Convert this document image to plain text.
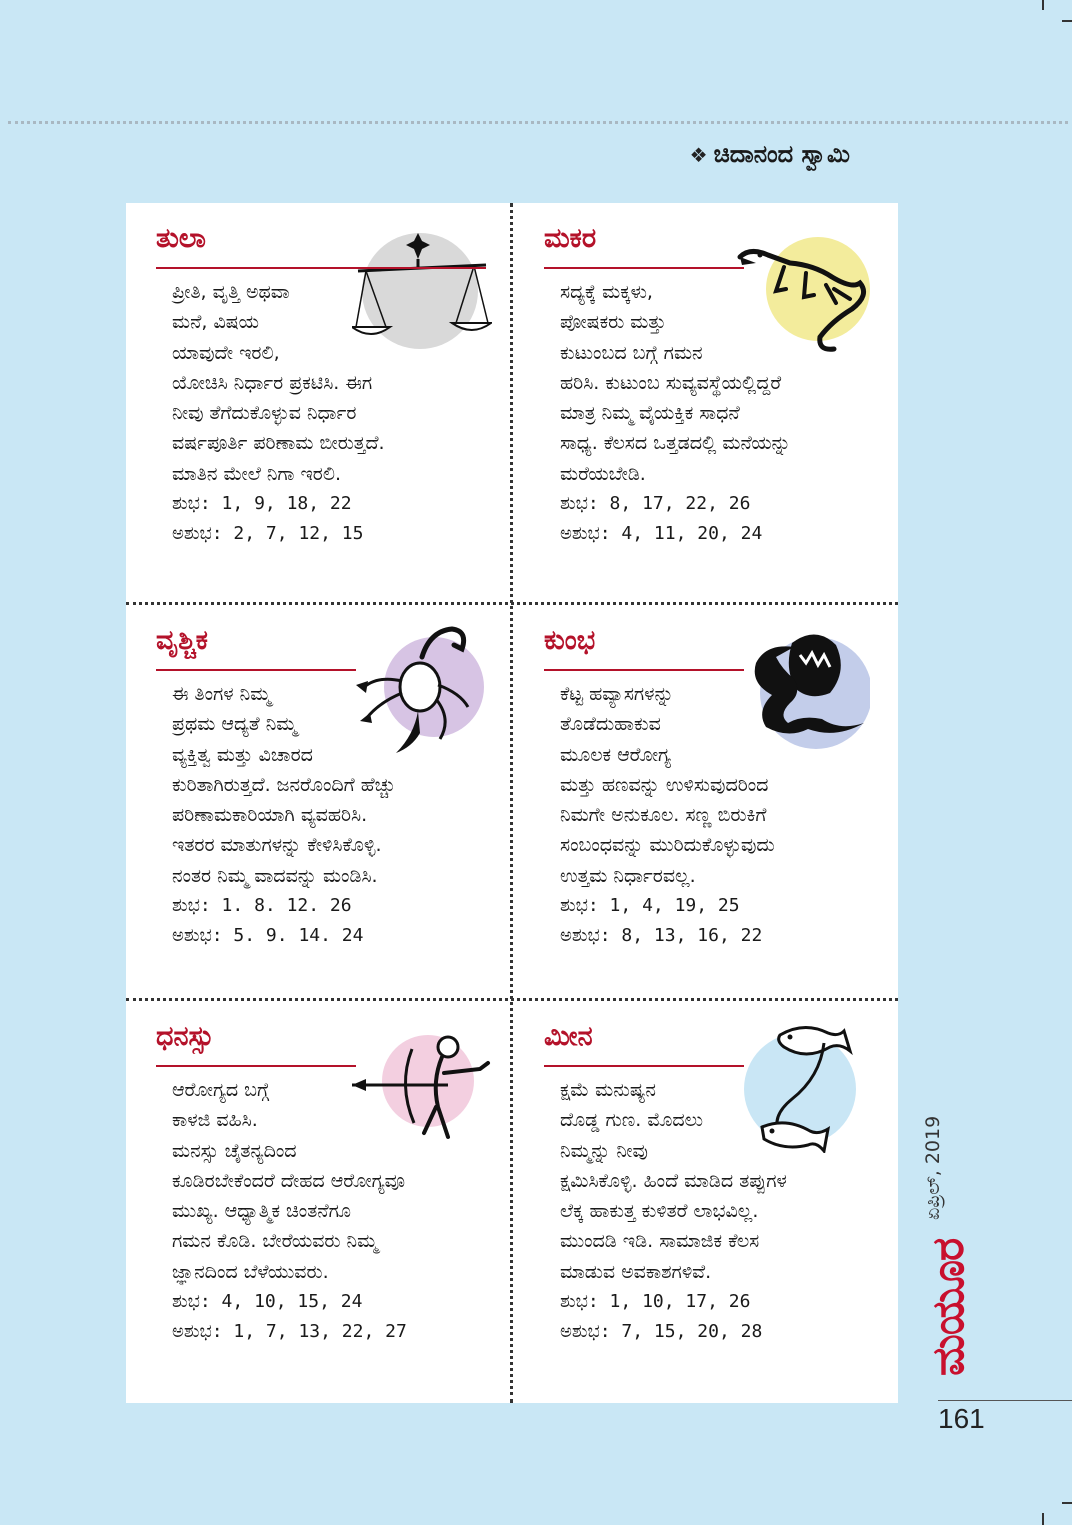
❖ ಚಿದಾನಂದ ಸ್ವಾಮಿ
ತುಲಾ
ಪ್ರೀತಿ, ವೃತ್ತಿ ಅಥವಾ
ಮನೆ, ವಿಷಯ
ಯಾವುದೇ ಇರಲಿ,
ಯೋಚಿಸಿ ನಿರ್ಧಾರ ಪ್ರಕಟಿಸಿ. ಈಗ
ನೀವು ತೆಗೆದುಕೊಳ್ಳುವ ನಿರ್ಧಾರ
ವರ್ಷಪೂರ್ತಿ ಪರಿಣಾಮ ಬೀರುತ್ತದೆ.
ಮಾತಿನ ಮೇಲೆ ನಿಗಾ ಇರಲಿ.
ಶುಭ: 1, 9, 18, 22
ಅಶುಭ: 2, 7, 12, 15
ಮಕರ
ಸದ್ಯಕ್ಕೆ ಮಕ್ಕಳು,
ಪೋಷಕರು ಮತ್ತು
ಕುಟುಂಬದ ಬಗ್ಗೆ ಗಮನ
ಹರಿಸಿ. ಕುಟುಂಬ ಸುವ್ಯವಸ್ಥೆಯಲ್ಲಿದ್ದರೆ
ಮಾತ್ರ ನಿಮ್ಮ ವೈಯಕ್ತಿಕ ಸಾಧನೆ
ಸಾಧ್ಯ. ಕೆಲಸದ ಒತ್ತಡದಲ್ಲಿ ಮನೆಯನ್ನು
ಮರೆಯಬೇಡಿ.
ಶುಭ: 8, 17, 22, 26
ಅಶುಭ: 4, 11, 20, 24
ವೃಶ್ಚಿಕ
ಈ ತಿಂಗಳ ನಿಮ್ಮ
ಪ್ರಥಮ ಆದ್ಯತೆ ನಿಮ್ಮ
ವ್ಯಕ್ತಿತ್ವ ಮತ್ತು ವಿಚಾರದ
ಕುರಿತಾಗಿರುತ್ತದೆ. ಜನರೊಂದಿಗೆ ಹೆಚ್ಚು
ಪರಿಣಾಮಕಾರಿಯಾಗಿ ವ್ಯವಹರಿಸಿ.
ಇತರರ ಮಾತುಗಳನ್ನು ಕೇಳಿಸಿಕೊಳ್ಳಿ.
ನಂತರ ನಿಮ್ಮ ವಾದವನ್ನು ಮಂಡಿಸಿ.
ಶುಭ: 1. 8. 12. 26
ಅಶುಭ: 5. 9. 14. 24
ಕುಂಭ
ಕೆಟ್ಟ ಹವ್ಯಾಸಗಳನ್ನು
ತೊಡೆದುಹಾಕುವ
ಮೂಲಕ ಆರೋಗ್ಯ
ಮತ್ತು ಹಣವನ್ನು ಉಳಿಸುವುದರಿಂದ
ನಿಮಗೇ ಅನುಕೂಲ. ಸಣ್ಣ ಬಿರುಕಿಗೆ
ಸಂಬಂಧವನ್ನು ಮುರಿದುಕೊಳ್ಳುವುದು
ಉತ್ತಮ ನಿರ್ಧಾರವಲ್ಲ.
ಶುಭ: 1, 4, 19, 25
ಅಶುಭ: 8, 13, 16, 22
ಧನಸ್ಸು
ಆರೋಗ್ಯದ ಬಗ್ಗೆ
ಕಾಳಜಿ ವಹಿಸಿ.
ಮನಸ್ಸು ಚೈತನ್ಯದಿಂದ
ಕೂಡಿರಬೇಕೆಂದರೆ ದೇಹದ ಆರೋಗ್ಯವೂ
ಮುಖ್ಯ. ಆಧ್ಯಾತ್ಮಿಕ ಚಿಂತನೆಗೂ
ಗಮನ ಕೊಡಿ. ಬೇರೆಯವರು ನಿಮ್ಮ
ಜ್ಞಾನದಿಂದ ಬೆಳೆಯುವರು.
ಶುಭ: 4, 10, 15, 24
ಅಶುಭ: 1, 7, 13, 22, 27
ಮೀನ
ಕ್ಷಮೆ ಮನುಷ್ಯನ
ದೊಡ್ಡ ಗುಣ. ಮೊದಲು
ನಿಮ್ಮನ್ನು ನೀವು
ಕ್ಷಮಿಸಿಕೊಳ್ಳಿ. ಹಿಂದೆ ಮಾಡಿದ ತಪ್ಪುಗಳ
ಲೆಕ್ಕ ಹಾಕುತ್ತ ಕುಳಿತರೆ ಲಾಭವಿಲ್ಲ.
ಮುಂದಡಿ ಇಡಿ. ಸಾಮಾಜಿಕ ಕೆಲಸ
ಮಾಡುವ ಅವಕಾಶಗಳಿವೆ.
ಶುಭ: 1, 10, 17, 26
ಅಶುಭ: 7, 15, 20, 28
ಏಪ್ರಿಲ್, 2019
ಮಯೂರ
161
